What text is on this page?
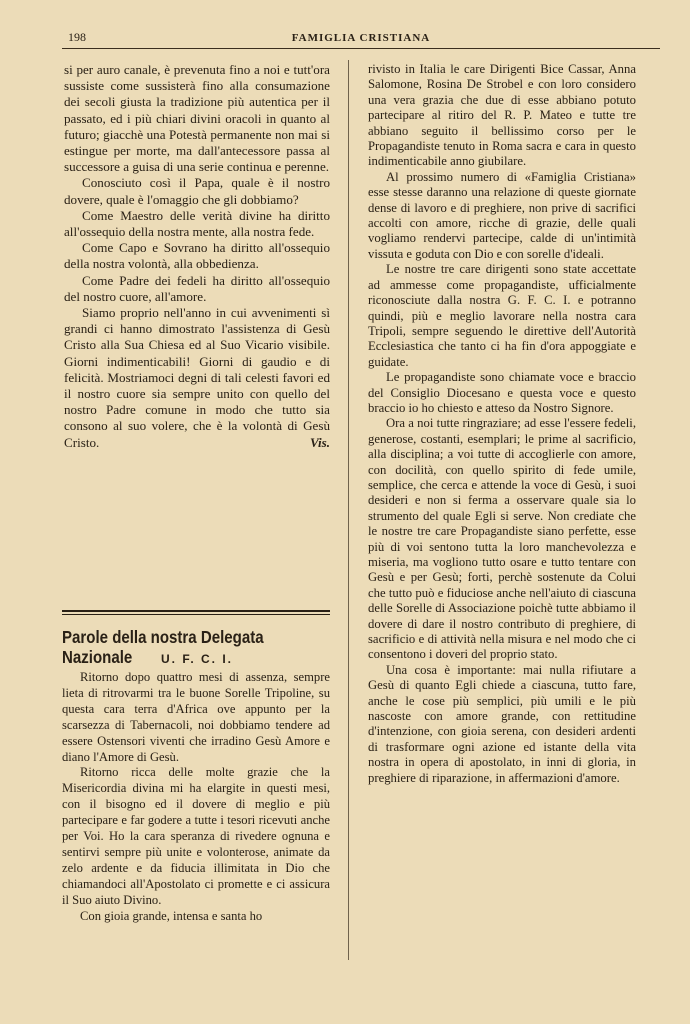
198	FAMIGLIA CRISTIANA

si per auro canale, è prevenuta fino a noi e tutt'ora sussiste come sussisterà fino alla consumazione dei secoli giusta la tradizione più autentica per il passato, ed i più chiari divini oracoli in quanto al futuro; giacchè una Potestà permanente non mai si estingue per morte, ma dall'antecessore passa al successore a guisa di una serie continua e perenne.

Conosciuto così il Papa, quale è il nostro dovere, quale è l'omaggio che gli dobbiamo?

Come Maestro delle verità divine ha diritto all'ossequio della nostra mente, alla nostra fede.

Come Capo e Sovrano ha diritto all'ossequio della nostra volontà, alla obbedienza.

Come Padre dei fedeli ha diritto all'ossequio del nostro cuore, all'amore.

Siamo proprio nell'anno in cui avvenimenti sì grandi ci hanno dimostrato l'assistenza di Gesù Cristo alla Sua Chiesa ed al Suo Vicario visibile. Giorni indimenticabili! Giorni di gaudio e di felicità. Mostriamoci degni di tali celesti favori ed il nostro cuore sia sempre unito con quello del nostro Padre comune in modo che tutto sia consono al suo volere, che è la volontà di Gesù Cristo.	Vis.

Parole della nostra Delegata Nazionale	U. F. C. I.

Ritorno dopo quattro mesi di assenza, sempre lieta di ritrovarmi tra le buone Sorelle Tripoline, su questa cara terra d'Africa ove appunto per la scarsezza di Tabernacoli, noi dobbiamo tendere ad essere Ostensori viventi che irradino Gesù Amore e diano l'Amore di Gesù.

Ritorno ricca delle molte grazie che la Misericordia divina mi ha elargite in questi mesi, con il bisogno ed il dovere di meglio e più partecipare e far godere a tutte i tesori ricevuti anche per Voi. Ho la cara speranza di rivedere ognuna e sentirvi sempre più unite e volonterose, animate da zelo ardente e da fiducia illimitata in Dio che chiamandoci all'Apostolato ci promette e ci assicura il Suo aiuto Divino.

Con gioia grande, intensa e santa ho

rivisto in Italia le care Dirigenti Bice Cassar, Anna Salomone, Rosina De Strobel e con loro considero una vera grazia che due di esse abbiano potuto partecipare al ritiro del R. P. Mateo e tutte tre abbiano seguito il bellissimo corso per le Propagandiste tenuto in Roma sacra e cara in questo indimenticabile anno giubilare.

Al prossimo numero di «Famiglia Cristiana» esse stesse daranno una relazione di queste giornate dense di lavoro e di preghiere, non prive di sacrifici accolti con amore, ricche di grazie, delle quali vogliamo rendervi partecipe, calde di un'intimità vissuta e goduta con Dio e con sorelle d'ideali.

Le nostre tre care dirigenti sono state accettate ad ammesse come propagandiste, ufficialmente riconosciute dalla nostra G. F. C. I. e potranno quindi, più e meglio lavorare nella nostra cara Tripoli, sempre seguendo le direttive dell'Autorità Ecclesiastica che tanto ci ha fin d'ora appoggiate e guidate.

Le propagandiste sono chiamate voce e braccio del Consiglio Diocesano e questa voce e questo braccio io ho chiesto e atteso da Nostro Signore.

Ora a noi tutte ringraziare; ad esse l'essere fedeli, generose, costanti, esemplari; le prime al sacrificio, alla disciplina; a voi tutte di accoglierle con amore, con docilità, con quello spirito di fede umile, semplice, che cerca e attende la voce di Gesù, i suoi desideri e non si ferma a osservare quale sia lo strumento del quale Egli si serve. Non crediate che le nostre tre care Propagandiste siano perfette, esse più di voi sentono tutta la loro manchevolezza e miseria, ma vogliono tutto osare e tutto tentare con Gesù e per Gesù; forti, perchè sostenute da Colui che tutto può e fiduciose anche nell'aiuto di ciascuna delle Sorelle di Associazione poichè tutte abbiamo il dovere di dare il nostro contributo di preghiere, di sacrificio e di attività nella misura e nel modo che ci consentono i doveri del proprio stato.

Una cosa è importante: mai nulla rifiutare a Gesù di quanto Egli chiede a ciascuna, tutto fare, anche le cose più semplici, più umili e le più nascoste con amore grande, con rettitudine d'intenzione, con gioia serena, con desideri ardenti di trasformare ogni azione ed istante della vita nostra in opera di apostolato, in inni di gloria, in preghiere di riparazione, in affermazioni d'amore.
